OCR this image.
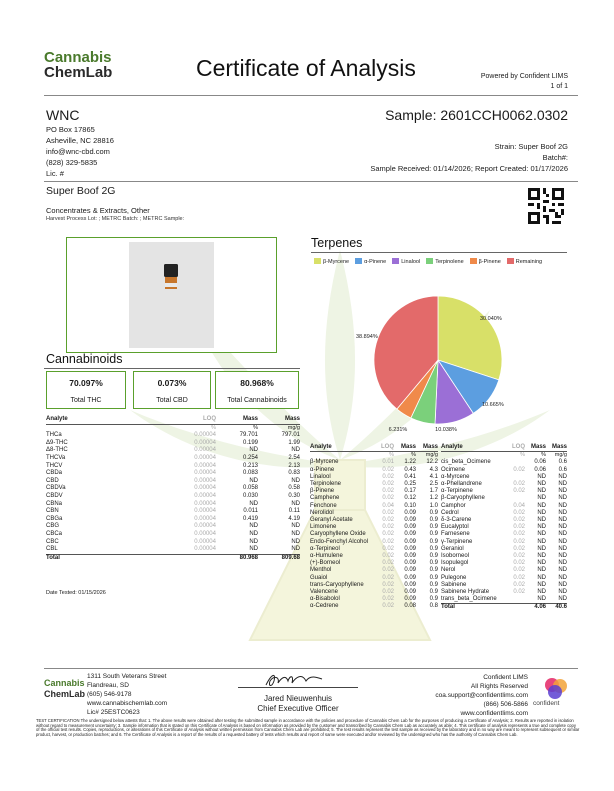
Cannabis
ChemLab	Certificate of Analysis	Powered by Confident LIMS
1 of 1
WNC
PO Box 17865
Asheville, NC 28816
info@wnc-cbd.com
(828) 329-5835
Lic. #
Sample: 2601CCH0062.0302
Strain: Super Boof 2G
Batch#:
Sample Received: 01/14/2026; Report Created: 01/17/2026
Super Boof 2G
Concentrates & Extracts, Other
Harvest Process Lot: ; METRC Batch: ; METRC Sample:
Cannabinoids
70.097%
Total THC
0.073%
Total CBD
80.968%
Total Cannabinoids
Analyte	LOQ	Mass	Mass
	%	%	mg/g
THCa	0.00004	79.701	797.01
Δ9-THC	0.00004	0.199	1.99
Δ8-THC	0.00004	ND	ND
THCVa	0.00004	0.254	2.54
THCV	0.00004	0.213	2.13
CBDa	0.00004	0.083	0.83
CBD	0.00004	ND	ND
CBDVa	0.00004	0.058	0.58
CBDV	0.00004	0.030	0.30
CBNa	0.00004	ND	ND
CBN	0.00004	0.011	0.11
CBGa	0.00004	0.419	4.19
CBG	0.00004	ND	ND
CBCa	0.00004	ND	ND
CBC	0.00004	ND	ND
CBL	0.00004	ND	ND
Total		80.968	809.68
Date Tested: 01/15/2026
Terpenes
β-Myrcene	α-Pinene	Linalool	Terpinolene	β-Pinene	Remaining
30.040%
10.665%
10.038%
6.231%
38.894%
Analyte	LOQ	Mass	Mass
	%	%	mg/g
β-Myrcene	0.01	1.22	12.2
α-Pinene	0.02	0.43	4.3
Linalool	0.02	0.41	4.1
Terpinolene	0.02	0.25	2.5
β-Pinene	0.02	0.17	1.7
Camphene	0.02	0.12	1.2
Fenchone	0.04	0.10	1.0
Nerolidol	0.02	0.09	0.9
Geranyl Acetate	0.02	0.09	0.9
Limonene	0.02	0.09	0.9
Caryophyllene Oxide	0.02	0.09	0.9
Endo-Fenchyl Alcohol	0.02	0.09	0.9
α-Terpineol	0.02	0.09	0.9
α-Humulene	0.02	0.09	0.9
(+)-Borneol	0.02	0.09	0.9
Menthol	0.02	0.09	0.9
Guaiol	0.02	0.09	0.9
trans-Caryophyllene	0.02	0.09	0.9
Valencene	0.02	0.09	0.9
α-Bisabolol	0.02	0.09	0.9
α-Cedrene	0.02	0.08	0.8
Analyte	LOQ	Mass	Mass
	%	%	mg/g
cis_beta_Ocimene		0.06	0.6
Ocimene	0.02	0.06	0.6
α-Myrcene		ND	ND
α-Phellandrene	0.02	ND	ND
α-Terpinene	0.02	ND	ND
β-Caryophyllene		ND	ND
Camphor	0.04	ND	ND
Cedrol	0.02	ND	ND
δ-3-Carene	0.02	ND	ND
Eucalyptol	0.02	ND	ND
Farnesene	0.02	ND	ND
γ-Terpinene	0.02	ND	ND
Geraniol	0.02	ND	ND
Isoborneol	0.02	ND	ND
Isopulegol	0.02	ND	ND
Nerol	0.02	ND	ND
Pulegone	0.02	ND	ND
Sabinene	0.02	ND	ND
Sabinene Hydrate	0.02	ND	ND
trans_beta_Ocimene		ND	ND
Total		4.06	40.6
Cannabis
ChemLab
1311 South Veterans Street
Flandreau, SD
(605) 546-9178
www.cannabischemlab.com
Lic# 25ESTC0623
Jared Nieuwenhuis
Chief Executive Officer
Confident LIMS
All Rights Reserved
coa.support@confidentlims.com
(866) 506-5866
www.confidentlims.com
confident
TEST CERTIFICATION The undersigned below attests that: 1. The above results were obtained after testing the submitted sample in accordance with the policies and procedure of Cannabis Chem Lab for the purposes of producing a Certificate of Analysis; 2. Results are reported in isolation without regard to measurement uncertainty; 3. Sample information that is stated on this Certificate of Analysis is based on information as provided by the customer and transcribed by Cannabis Chem Lab as accurately as able; 4. This certificate of analysis represents a true and complete copy of the official test results. Copies, reproductions, or alterations of this Certificate of Analysis without written permission from Cannabis Chem Lab are prohibited; 5. The test results represent the test sample as received by the laboratory and in no way are meant to represent subsequent or similar product, harvest, or production batches; and 6. The Certificate of Analysis is a report of the results of a requested battery of tests which results and report of same were executed and/or reviewed by the undersigned who has the authority of Cannabis Chem Lab.
